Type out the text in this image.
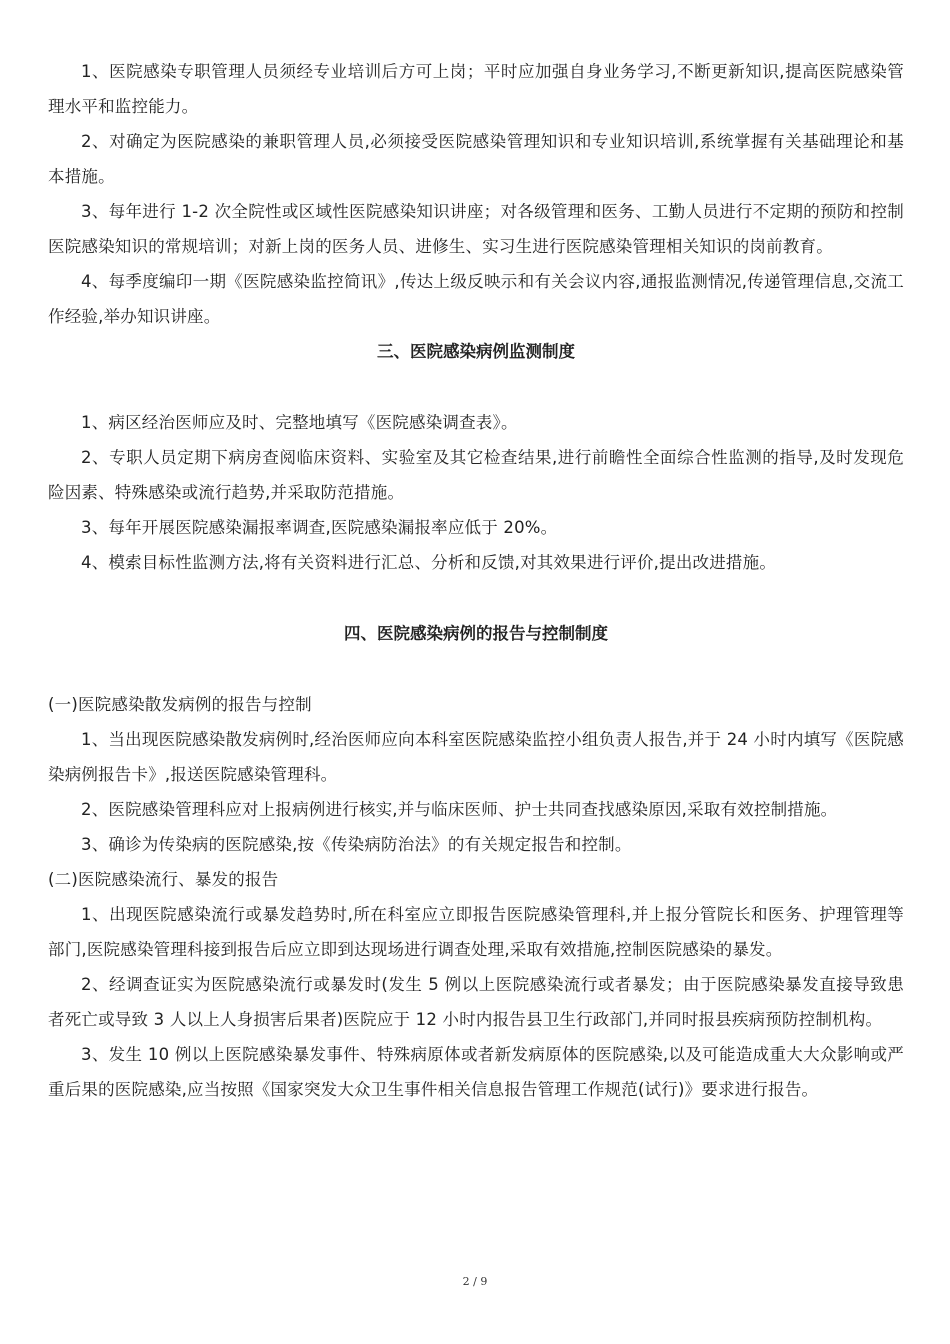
1、医院感染专职管理人员须经专业培训后方可上岗；平时应加强自身业务学习,不断更新知识,提高医院感染管理水平和监控能力。

2、对确定为医院感染的兼职管理人员,必须接受医院感染管理知识和专业知识培训,系统掌握有关基础理论和基本措施。

3、每年进行 1-2 次全院性或区域性医院感染知识讲座；对各级管理和医务、工勤人员进行不定期的预防和控制医院感染知识的常规培训；对新上岗的医务人员、进修生、实习生进行医院感染管理相关知识的岗前教育。

4、每季度编印一期《医院感染监控简讯》,传达上级反映示和有关会议内容,通报监测情况,传递管理信息,交流工作经验,举办知识讲座。

三、医院感染病例监测制度

1、病区经治医师应及时、完整地填写《医院感染调查表》。

2、专职人员定期下病房查阅临床资料、实验室及其它检查结果,进行前瞻性全面综合性监测的指导,及时发现危险因素、特殊感染或流行趋势,并采取防范措施。

3、每年开展医院感染漏报率调查,医院感染漏报率应低于 20%。

4、模索目标性监测方法,将有关资料进行汇总、分析和反馈,对其效果进行评价,提出改进措施。

四、医院感染病例的报告与控制制度

(一)医院感染散发病例的报告与控制

1、当出现医院感染散发病例时,经治医师应向本科室医院感染监控小组负责人报告,并于 24 小时内填写《医院感染病例报告卡》,报送医院感染管理科。

2、医院感染管理科应对上报病例进行核实,并与临床医师、护士共同查找感染原因,采取有效控制措施。

3、确诊为传染病的医院感染,按《传染病防治法》的有关规定报告和控制。

(二)医院感染流行、暴发的报告

1、出现医院感染流行或暴发趋势时,所在科室应立即报告医院感染管理科,并上报分管院长和医务、护理管理等部门,医院感染管理科接到报告后应立即到达现场进行调查处理,采取有效措施,控制医院感染的暴发。

2、经调查证实为医院感染流行或暴发时(发生 5 例以上医院感染流行或者暴发；由于医院感染暴发直接导致患者死亡或导致 3 人以上人身损害后果者)医院应于 12 小时内报告县卫生行政部门,并同时报县疾病预防控制机构。

3、发生 10 例以上医院感染暴发事件、特殊病原体或者新发病原体的医院感染,以及可能造成重大大众影响或严重后果的医院感染,应当按照《国家突发大众卫生事件相关信息报告管理工作规范(试行)》要求进行报告。

2 / 9
